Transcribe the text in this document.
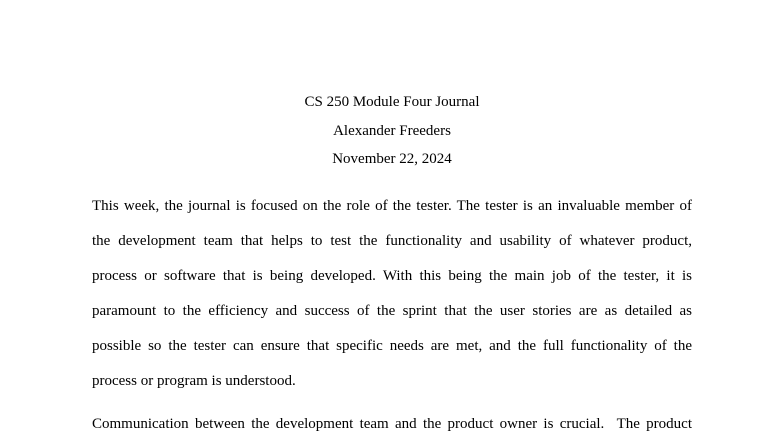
CS 250 Module Four Journal
Alexander Freeders
November 22, 2024
This week, the journal is focused on the role of the tester. The tester is an invaluable member of
the development team that helps to test the functionality and usability of whatever product,
process or software that is being developed. With this being the main job of the tester, it is
paramount to the efficiency and success of the sprint that the user stories are as detailed as
possible so the tester can ensure that specific needs are met, and the full functionality of the
process or program is understood.
Communication between the development team and the product owner is crucial.  The product
